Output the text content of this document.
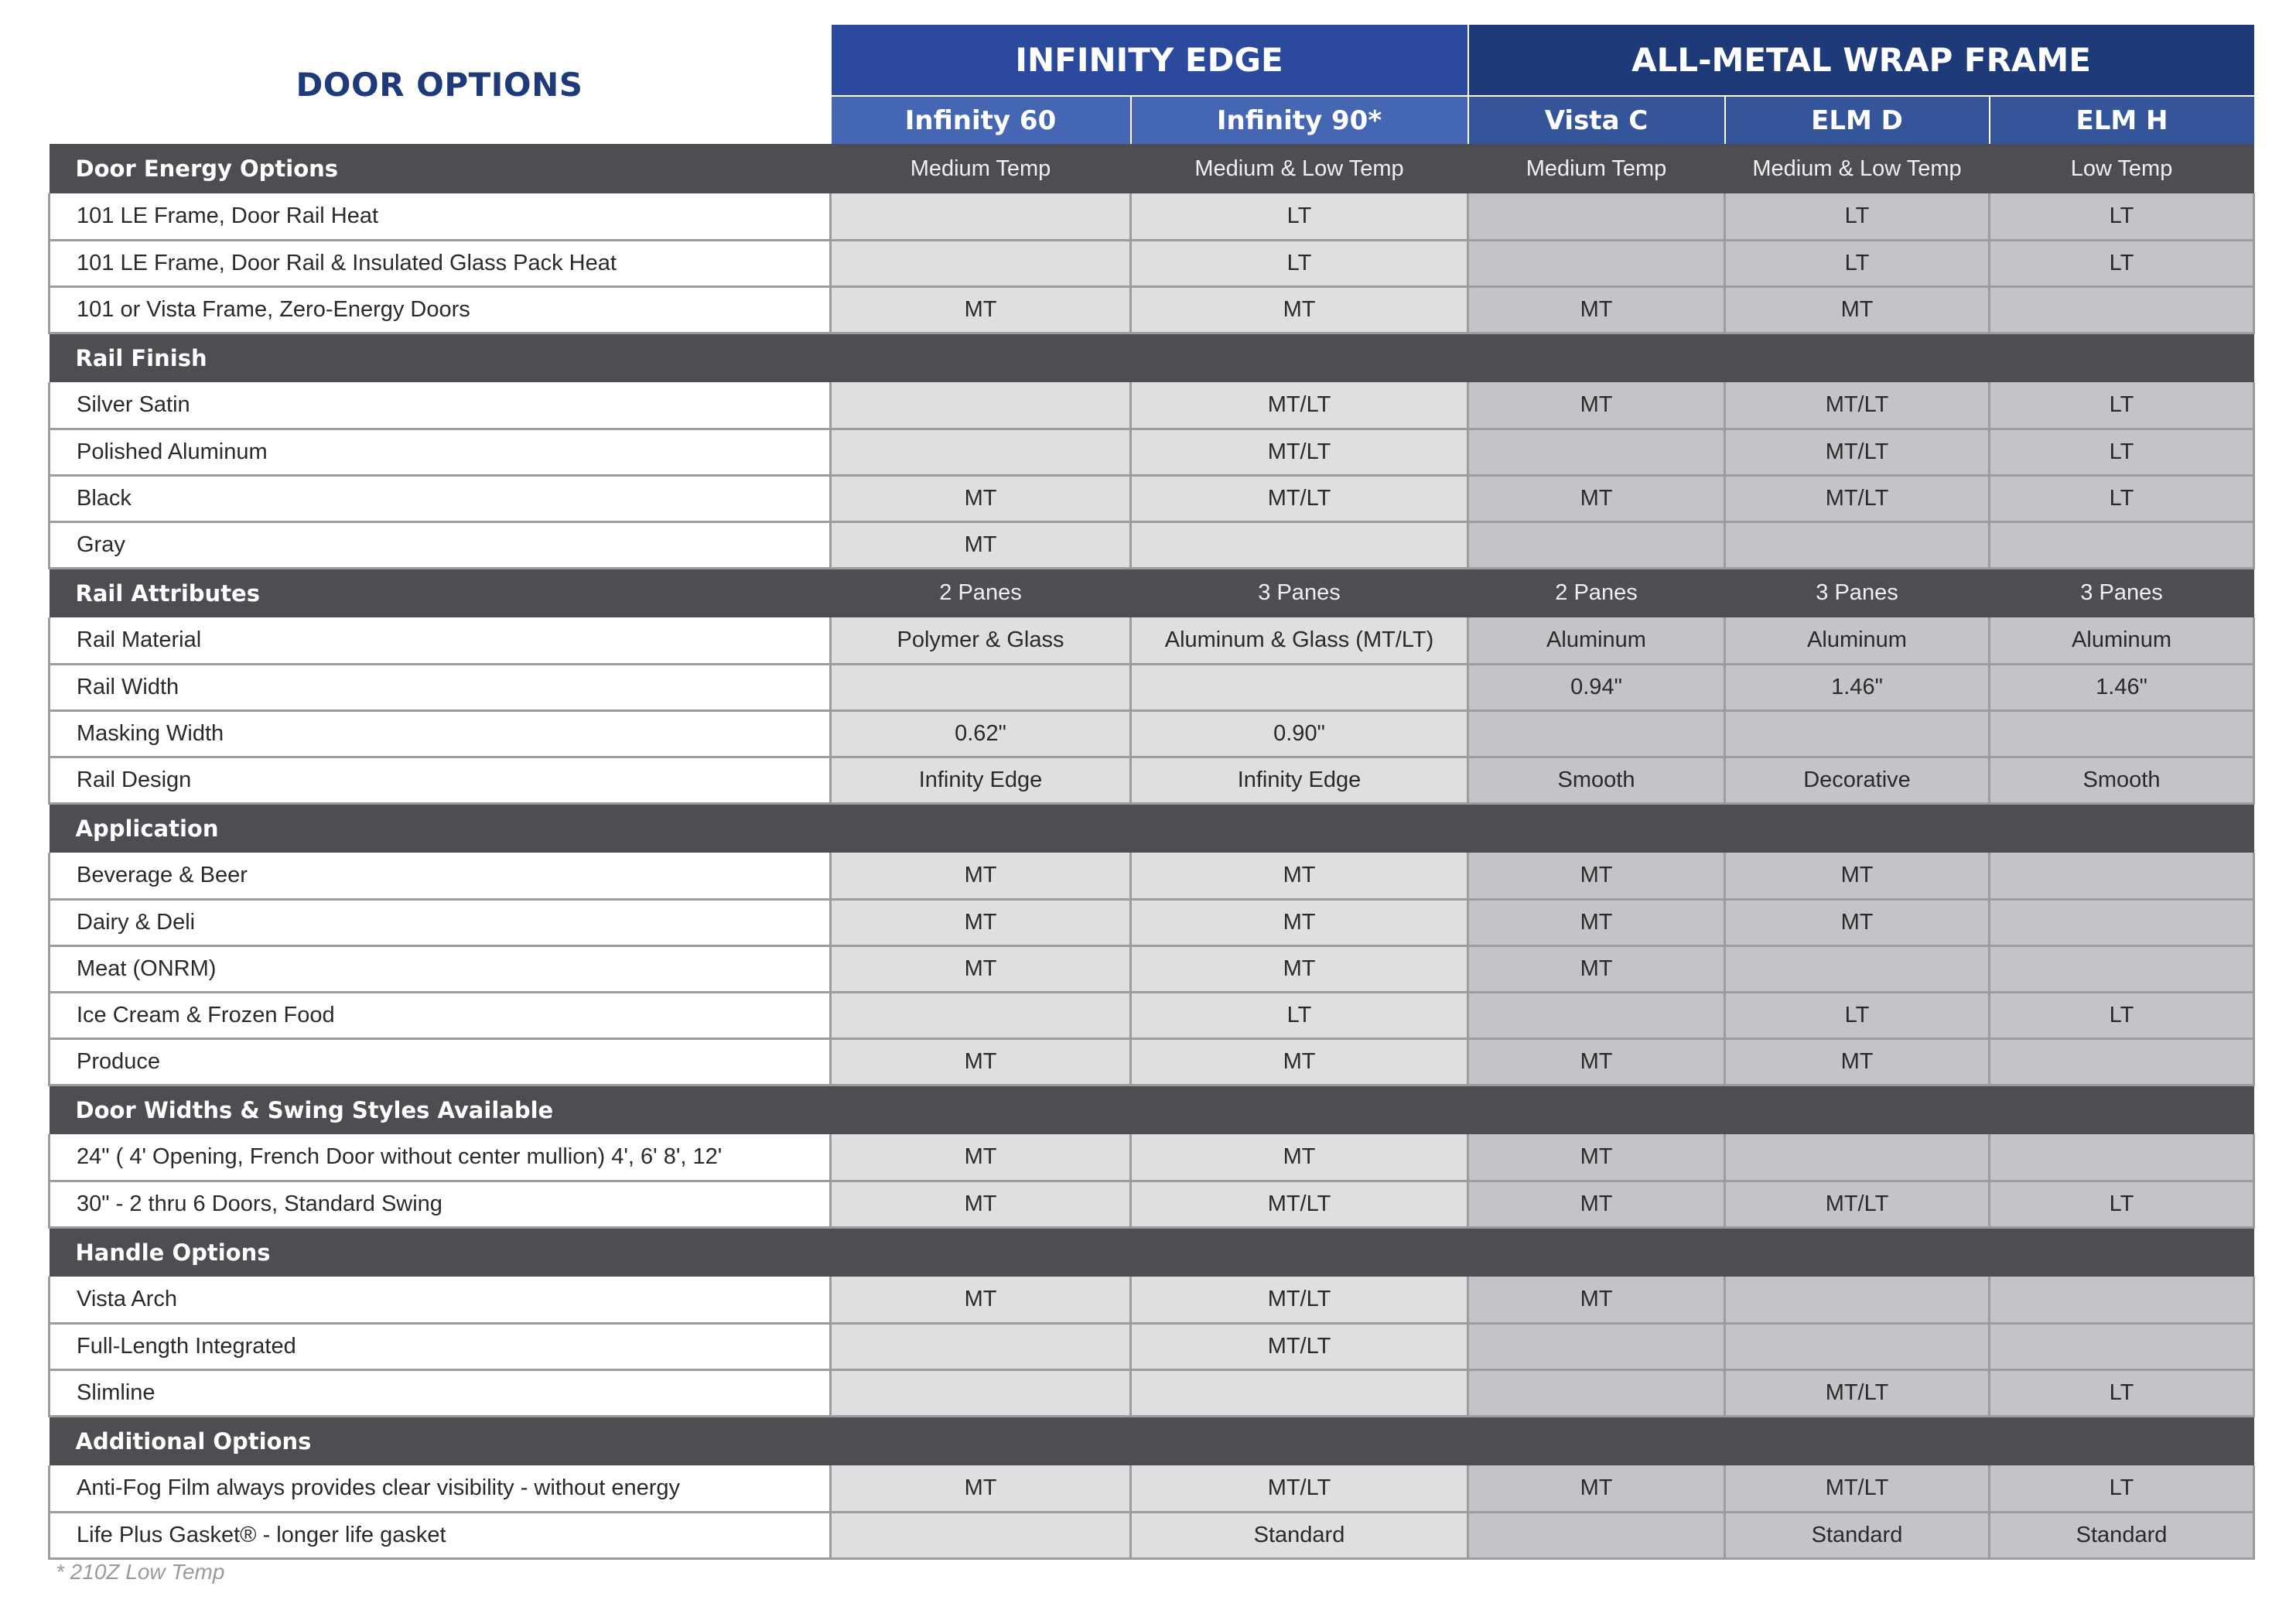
DOOR OPTIONS	INFINITY EDGE		ALL-METAL WRAP FRAME		
	Infinity 60	Infinity 90*	Vista C	ELM D	ELM H
Door Energy Options	Medium Temp	Medium & Low Temp	Medium Temp	Medium & Low Temp	Low Temp
101 LE Frame, Door Rail Heat		LT		LT	LT
101 LE Frame, Door Rail & Insulated Glass Pack Heat		LT		LT	LT
101 or Vista Frame, Zero-Energy Doors	MT	MT	MT	MT	
Rail Finish					
Silver Satin		MT/LT	MT	MT/LT	LT
Polished Aluminum		MT/LT		MT/LT	LT
Black	MT	MT/LT	MT	MT/LT	LT
Gray	MT				
Rail Attributes	2 Panes	3 Panes	2 Panes	3 Panes	3 Panes
Rail Material	Polymer & Glass	Aluminum & Glass (MT/LT)	Aluminum	Aluminum	Aluminum
Rail Width			0.94"	1.46"	1.46"
Masking Width	0.62"	0.90"			
Rail Design	Infinity Edge	Infinity Edge	Smooth	Decorative	Smooth
Application					
Beverage & Beer	MT	MT	MT	MT	
Dairy & Deli	MT	MT	MT	MT	
Meat (ONRM)	MT	MT	MT		
Ice Cream & Frozen Food		LT		LT	LT
Produce	MT	MT	MT	MT	
Door Widths & Swing Styles Available					
24" ( 4' Opening, French Door without center mullion) 4', 6' 8', 12'	MT	MT	MT		
30" - 2 thru 6 Doors, Standard Swing	MT	MT/LT	MT	MT/LT	LT
Handle Options					
Vista Arch	MT	MT/LT	MT		
Full-Length Integrated		MT/LT			
Slimline				MT/LT	LT
Additional Options					
Anti-Fog Film always provides clear visibility - without energy	MT	MT/LT	MT	MT/LT	LT
Life Plus Gasket® - longer life gasket		Standard		Standard	Standard
* 210Z Low Temp
